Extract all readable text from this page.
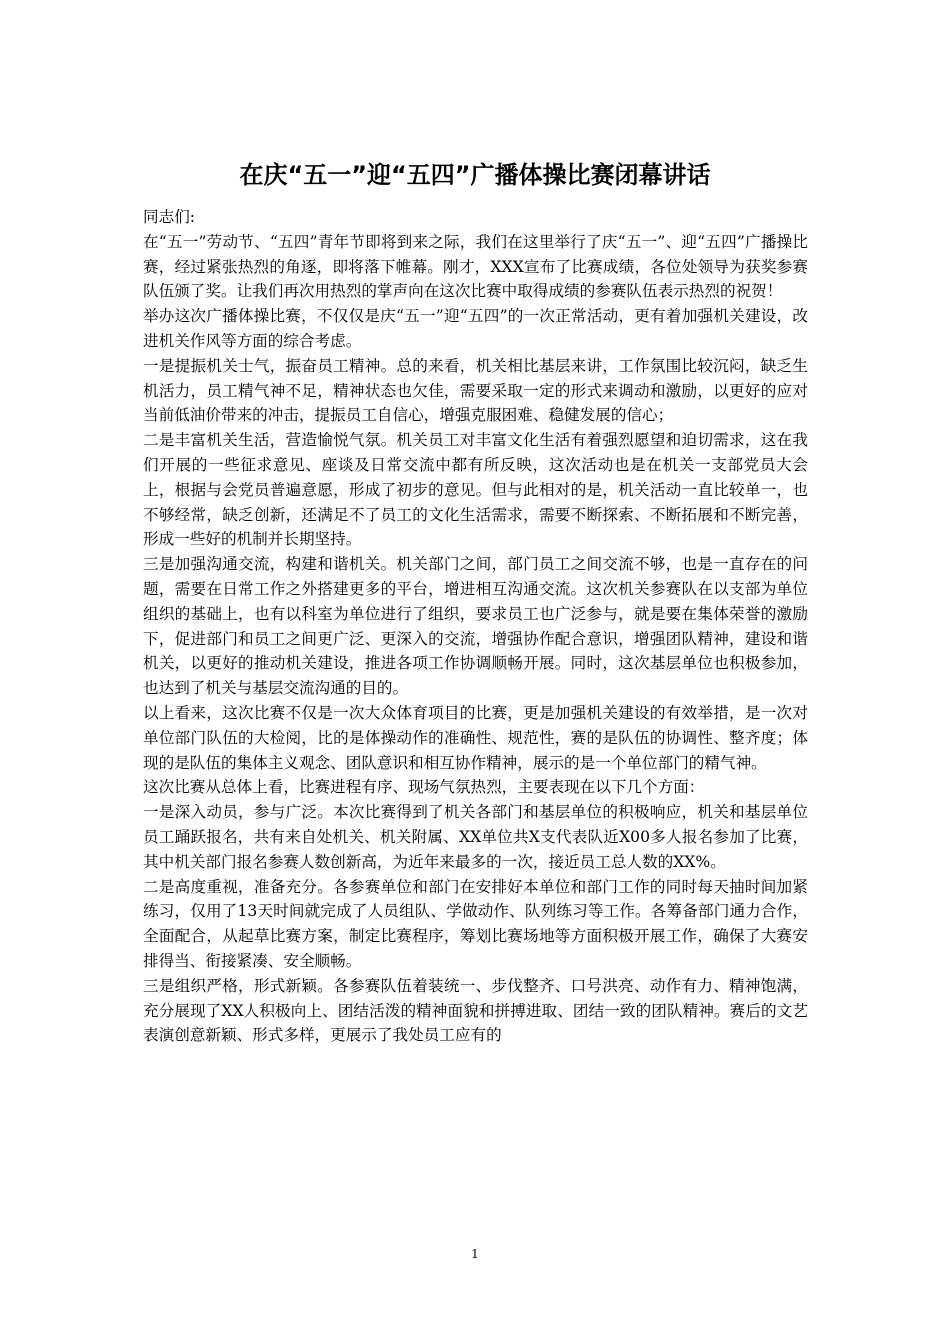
在庆“五一”迎“五四”广播体操比赛闭幕讲话

同志们:

在“五一”劳动节、“五四”青年节即将到来之际，我们在这里举行了庆“五一”、迎“五四”广播操比赛，经过紧张热烈的角逐，即将落下帷幕。刚才，XXX宣布了比赛成绩，各位处领导为获奖参赛队伍颁了奖。让我们再次用热烈的掌声向在这次比赛中取得成绩的参赛队伍表示热烈的祝贺！

举办这次广播体操比赛，不仅仅是庆“五一”迎“五四”的一次正常活动，更有着加强机关建设，改进机关作风等方面的综合考虑。

一是提振机关士气，振奋员工精神。总的来看，机关相比基层来讲，工作氛围比较沉闷，缺乏生机活力，员工精气神不足，精神状态也欠佳，需要采取一定的形式来调动和激励，以更好的应对当前低油价带来的冲击，提振员工自信心，增强克服困难、稳健发展的信心；

二是丰富机关生活，营造愉悦气氛。机关员工对丰富文化生活有着强烈愿望和迫切需求，这在我们开展的一些征求意见、座谈及日常交流中都有所反映，这次活动也是在机关一支部党员大会上，根据与会党员普遍意愿，形成了初步的意见。但与此相对的是，机关活动一直比较单一，也不够经常，缺乏创新，还满足不了员工的文化生活需求，需要不断探索、不断拓展和不断完善，形成一些好的机制并长期坚持。

三是加强沟通交流，构建和谐机关。机关部门之间，部门员工之间交流不够，也是一直存在的问题，需要在日常工作之外搭建更多的平台，增进相互沟通交流。这次机关参赛队在以支部为单位组织的基础上，也有以科室为单位进行了组织，要求员工也广泛参与，就是要在集体荣誉的激励下，促进部门和员工之间更广泛、更深入的交流，增强协作配合意识，增强团队精神，建设和谐机关，以更好的推动机关建设，推进各项工作协调顺畅开展。同时，这次基层单位也积极参加，也达到了机关与基层交流沟通的目的。

以上看来，这次比赛不仅是一次大众体育项目的比赛，更是加强机关建设的有效举措，是一次对单位部门队伍的大检阅，比的是体操动作的准确性、规范性，赛的是队伍的协调性、整齐度；体现的是队伍的集体主义观念、团队意识和相互协作精神，展示的是一个单位部门的精气神。

这次比赛从总体上看，比赛进程有序、现场气氛热烈，主要表现在以下几个方面：

一是深入动员，参与广泛。本次比赛得到了机关各部门和基层单位的积极响应，机关和基层单位员工踊跃报名，共有来自处机关、机关附属、XX单位共X支代表队近X00多人报名参加了比赛，其中机关部门报名参赛人数创新高，为近年来最多的一次，接近员工总人数的XX%。

二是高度重视，准备充分。各参赛单位和部门在安排好本单位和部门工作的同时每天抽时间加紧练习，仅用了13天时间就完成了人员组队、学做动作、队列练习等工作。各筹备部门通力合作，全面配合，从起草比赛方案，制定比赛程序，筹划比赛场地等方面积极开展工作，确保了大赛安排得当、衔接紧凑、安全顺畅。

三是组织严格，形式新颖。各参赛队伍着装统一、步伐整齐、口号洪亮、动作有力、精神饱满，充分展现了XX人积极向上、团结活泼的精神面貌和拼搏进取、团结一致的团队精神。赛后的文艺表演创意新颖、形式多样，更展示了我处员工应有的

1
